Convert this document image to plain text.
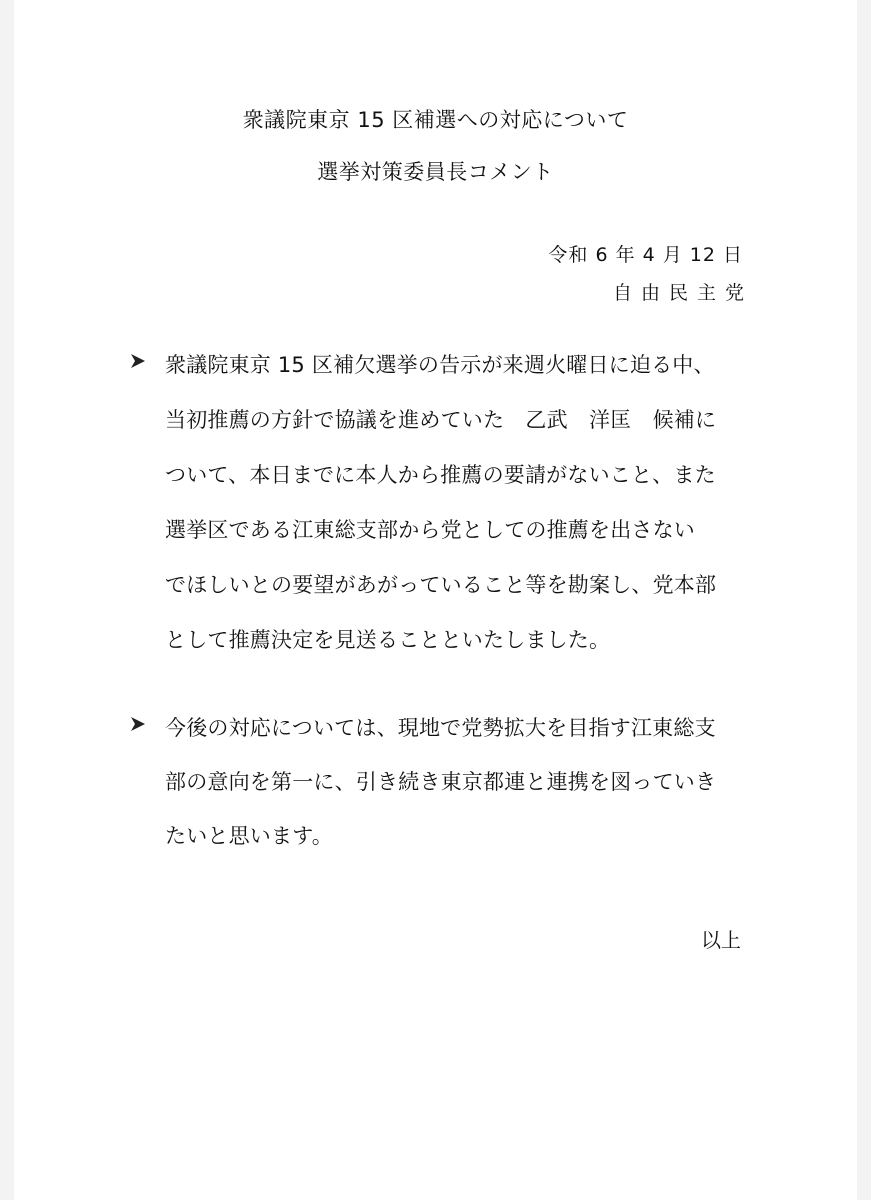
衆議院東京 15 区補選への対応について
選挙対策委員長コメント
令和 6 年 4 月 12 日
自由民主党
衆議院東京 15 区補欠選挙の告示が来週火曜日に迫る中、
当初推薦の方針で協議を進めていた　乙武　洋匡　候補に
ついて、本日までに本人から推薦の要請がないこと、また
選挙区である江東総支部から党としての推薦を出さない
でほしいとの要望があがっていること等を勘案し、党本部
として推薦決定を見送ることといたしました。
今後の対応については、現地で党勢拡大を目指す江東総支
部の意向を第一に、引き続き東京都連と連携を図っていき
たいと思います。
以上
